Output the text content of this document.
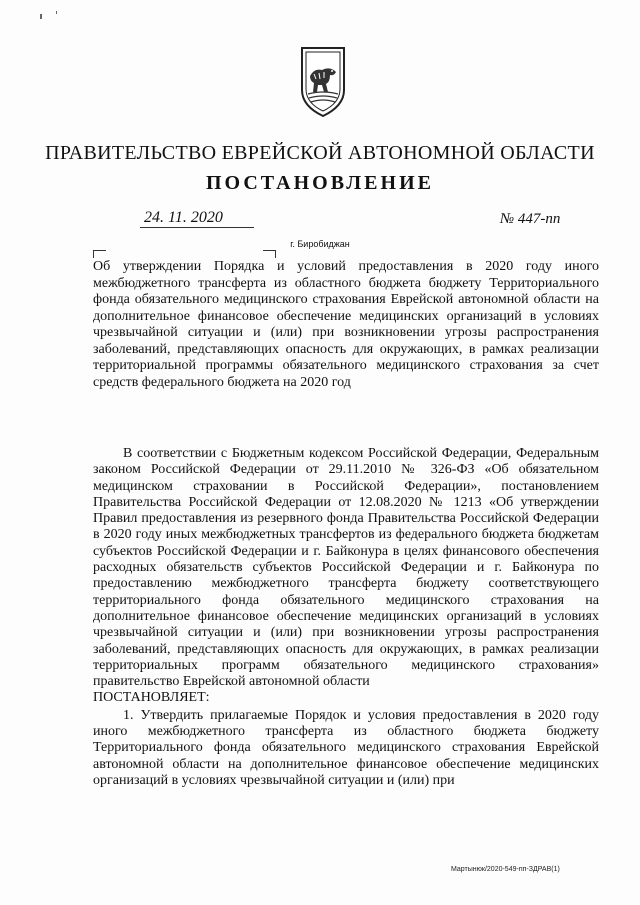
ПРАВИТЕЛЬСТВО ЕВРЕЙСКОЙ АВТОНОМНОЙ ОБЛАСТИ
ПОСТАНОВЛЕНИЕ
24. 11. 2020	№ 447-пп
г. Биробиджан
Об утверждении Порядка и условий предоставления в 2020 году иного межбюджетного трансферта из областного бюджета бюджету Территориального фонда обязательного медицинского страхования Еврейской автономной области на дополнительное финансовое обеспечение медицинских организаций в условиях чрезвычайной ситуации и (или) при возникновении угрозы распространения заболеваний, представляющих опасность для окружающих, в рамках реализации территориальной программы обязательного медицинского страхования за счет средств федерального бюджета на 2020 год

В соответствии с Бюджетным кодексом Российской Федерации, Федеральным законом Российской Федерации от 29.11.2010 № 326-ФЗ «Об обязательном медицинском страховании в Российской Федерации», постановлением Правительства Российской Федерации от 12.08.2020 № 1213 «Об утверждении Правил предоставления из резервного фонда Правительства Российской Федерации в 2020 году иных межбюджетных трансфертов из федерального бюджета бюджетам субъектов Российской Федерации и г. Байконура в целях финансового обеспечения расходных обязательств субъектов Российской Федерации и г. Байконура по предоставлению межбюджетного трансферта бюджету соответствующего территориального фонда обязательного медицинского страхования на дополнительное финансовое обеспечение медицинских организаций в условиях чрезвычайной ситуации и (или) при возникновении угрозы распространения заболеваний, представляющих опасность для окружающих, в рамках реализации территориальных программ обязательного медицинского страхования» правительство Еврейской автономной области

ПОСТАНОВЛЯЕТ:

1. Утвердить прилагаемые Порядок и условия предоставления в 2020 году иного межбюджетного трансферта из областного бюджета бюджету Территориального фонда обязательного медицинского страхования Еврейской автономной области на дополнительное финансовое обеспечение медицинских организаций в условиях чрезвычайной ситуации и (или) при

Мартынюк/2020-549-пп-ЗДРАВ(1)
